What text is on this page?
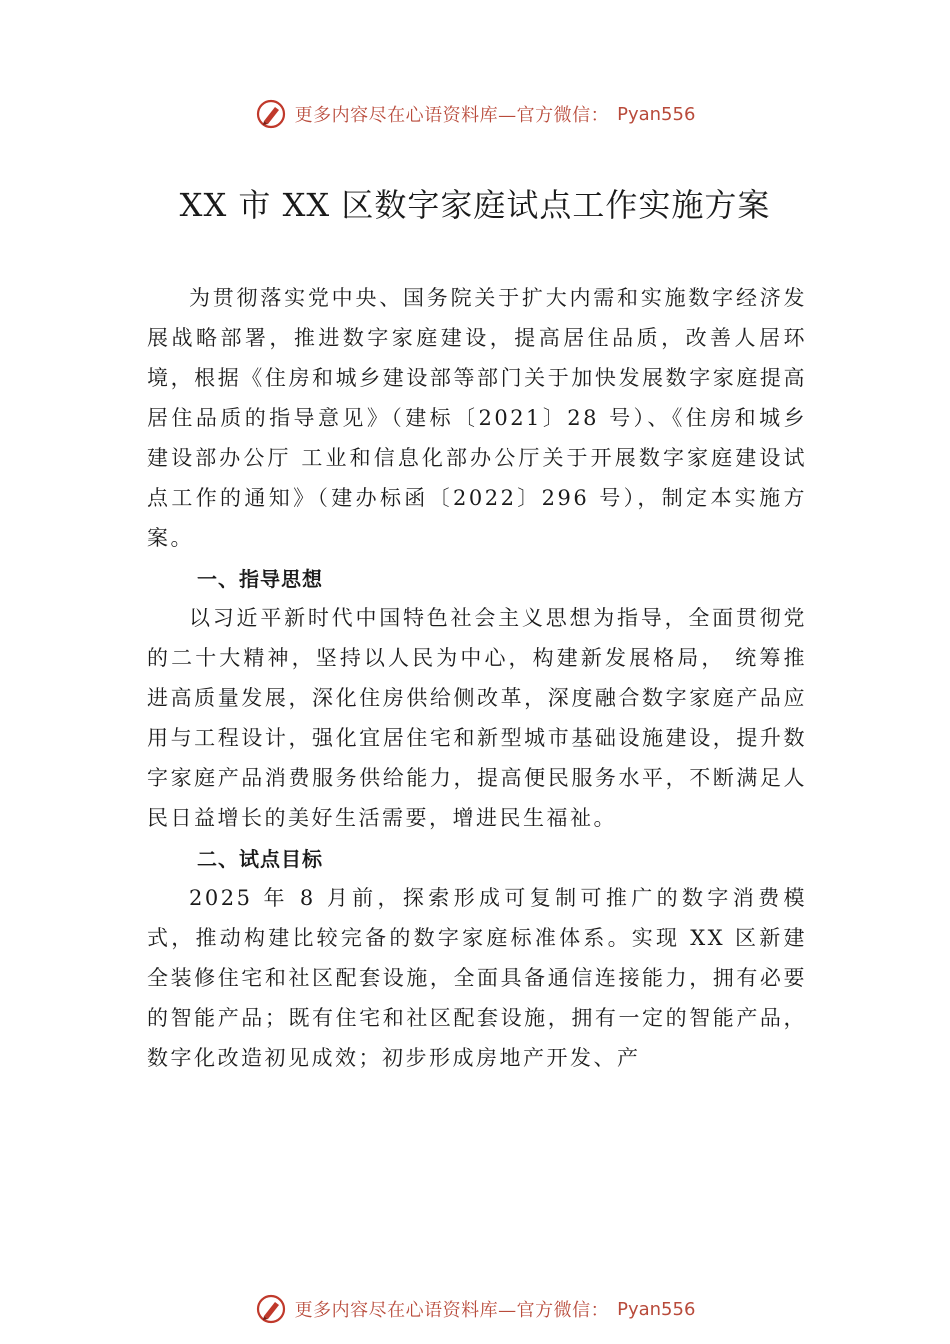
更多内容尽在心语资料库—官方微信： Pyan556
XX 市 XX 区数字家庭试点工作实施方案

为贯彻落实党中央、国务院关于扩大内需和实施数字经济发展战略部署，推进数字家庭建设，提高居住品质，改善人居环境，根据《住房和城乡建设部等部门关于加快发展数字家庭提高居住品质的指导意见》（建标〔2021〕28 号）、《住房和城乡建设部办公厅 工业和信息化部办公厅关于开展数字家庭建设试点工作的通知》（建办标函〔2022〕296 号），制定本实施方案。

一、指导思想

以习近平新时代中国特色社会主义思想为指导，全面贯彻党的二十大精神，坚持以人民为中心，构建新发展格局， 统筹推进高质量发展，深化住房供给侧改革，深度融合数字家庭产品应用与工程设计，强化宜居住宅和新型城市基础设施建设，提升数字家庭产品消费服务供给能力，提高便民服务水平，不断满足人民日益增长的美好生活需要，增进民生福祉。

二、试点目标

2025 年 8 月前，探索形成可复制可推广的数字消费模式，推动构建比较完备的数字家庭标准体系。实现 XX 区新建全装修住宅和社区配套设施，全面具备通信连接能力，拥有必要的智能产品；既有住宅和社区配套设施，拥有一定的智能产品，数字化改造初见成效；初步形成房地产开发、产

更多内容尽在心语资料库—官方微信： Pyan556
